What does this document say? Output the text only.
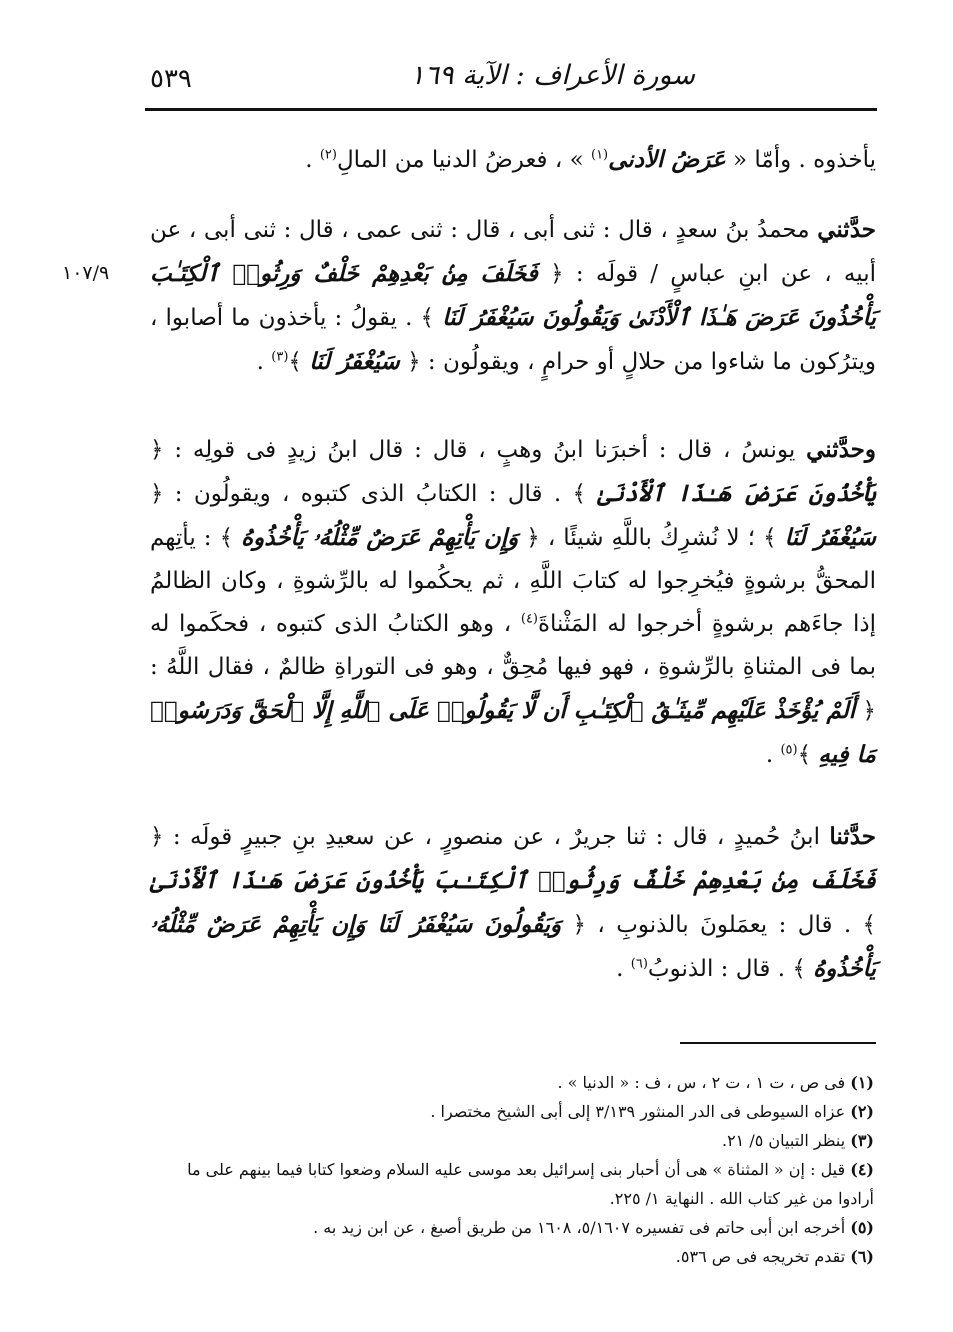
٥٣٩	سورة الأعراف : الآية ١٦٩
١٠٧/٩

يأخذوه . وأمّا « عَرَضُ الأدنى$^{(١)}$ » ، فعرضُ الدنيا من المالِ$^{(٢)}$ .

حدَّثني محمدُ بنُ سعدٍ ، قال : ثنى أبى ، قال : ثنى عمى ، قال : ثنى أبى ، عن أبيه ، عن ابنِ عباسٍ / قولَه : ﴿ فَخَلَفَ مِنۢ بَعْدِهِمْ خَلْفٌ وَرِثُوا۟ ٱلْكِتَـٰبَ يَأْخُذُونَ عَرَضَ هَـٰذَا ٱلْأَدْنَىٰ وَيَقُولُونَ سَيُغْفَرُ لَنَا ﴾ . يقولُ : يأخذون ما أصابوا ، ويترُكون ما شاءوا من حلالٍ أو حرامٍ ، ويقولُون : ﴿ سَيُغْفَرُ لَنَا ﴾$^{(٣)}$ .

وحدَّثني يونسُ ، قال : أخبرَنا ابنُ وهبٍ ، قال : قال ابنُ زيدٍ فى قولِه : ﴿ يَأْخُذُونَ عَرَضَ هَـٰذَا ٱلْأَدْنَىٰ ﴾ . قال : الكتابُ الذى كتبوه ، ويقولُون : ﴿ سَيُغْفَرُ لَنَا ﴾ ؛ لا نُشرِكُ باللَّهِ شيئًا ، ﴿ وَإِن يَأْتِهِمْ عَرَضٌ مِّثْلُهُۥ يَأْخُذُوهُ ﴾ : يأتِهم المحقُّ برشوةٍ فيُخرِجوا له كتابَ اللَّهِ ، ثم يحكُموا له بالرِّشوةِ ، وكان الظالمُ إذا جاءَهم برشوةٍ أخرجوا له المَثْناةَ$^{(٤)}$ ، وهو الكتابُ الذى كتبوه ، فحكَموا له بما فى المثناةِ بالرِّشوةِ ، فهو فيها مُحِقٌّ ، وهو فى التوراةِ ظالمٌ ، فقال اللَّهُ : ﴿ أَلَمْ يُؤْخَذْ عَلَيْهِم مِّيثَـٰقُ ٱلْكِتَـٰبِ أَن لَّا يَقُولُوا۟ عَلَى ٱللَّهِ إِلَّا ٱلْحَقَّ وَدَرَسُوا۟ مَا فِيهِ ﴾$^{(٥)}$ .

حدَّثنا ابنُ حُميدٍ ، قال : ثنا جريرٌ ، عن منصورٍ ، عن سعيدِ بنِ جبيرٍ قولَه : ﴿ فَخَلَفَ مِنۢ بَعْدِهِمْ خَلْفٌ وَرِثُوا۟ ٱلْكِتَـٰبَ يَأْخُذُونَ عَرَضَ هَـٰذَا ٱلْأَدْنَىٰ ﴾ . قال : يعمَلونَ بالذنوبِ ، ﴿ وَيَقُولُونَ سَيُغْفَرُ لَنَا وَإِن يَأْتِهِمْ عَرَضٌ مِّثْلُهُۥ يَأْخُذُوهُ ﴾ . قال : الذنوبُ$^{(٦)}$ .

(١) فى ص ، ت ١ ، ت ٢ ، س ، ف : « الدنيا » .

(٢) عزاه السيوطى فى الدر المنثور ٣/١٣٩ إلى أبى الشيخ مختصرا .

(٣) ينظر التبيان ٥/ ٢١.

(٤) قيل : إن « المثناة » هى أن أحبار بنى إسرائيل بعد موسى عليه السلام وضعوا كتابا فيما بينهم على ما أرادوا من غير كتاب الله . النهاية ١/ ٢٢٥.

(٥) أخرجه ابن أبى حاتم فى تفسيره ٥/١٦٠٧، ١٦٠٨ من طريق أصبغ ، عن ابن زيد به .

(٦) تقدم تخريجه فى ص ٥٣٦.
